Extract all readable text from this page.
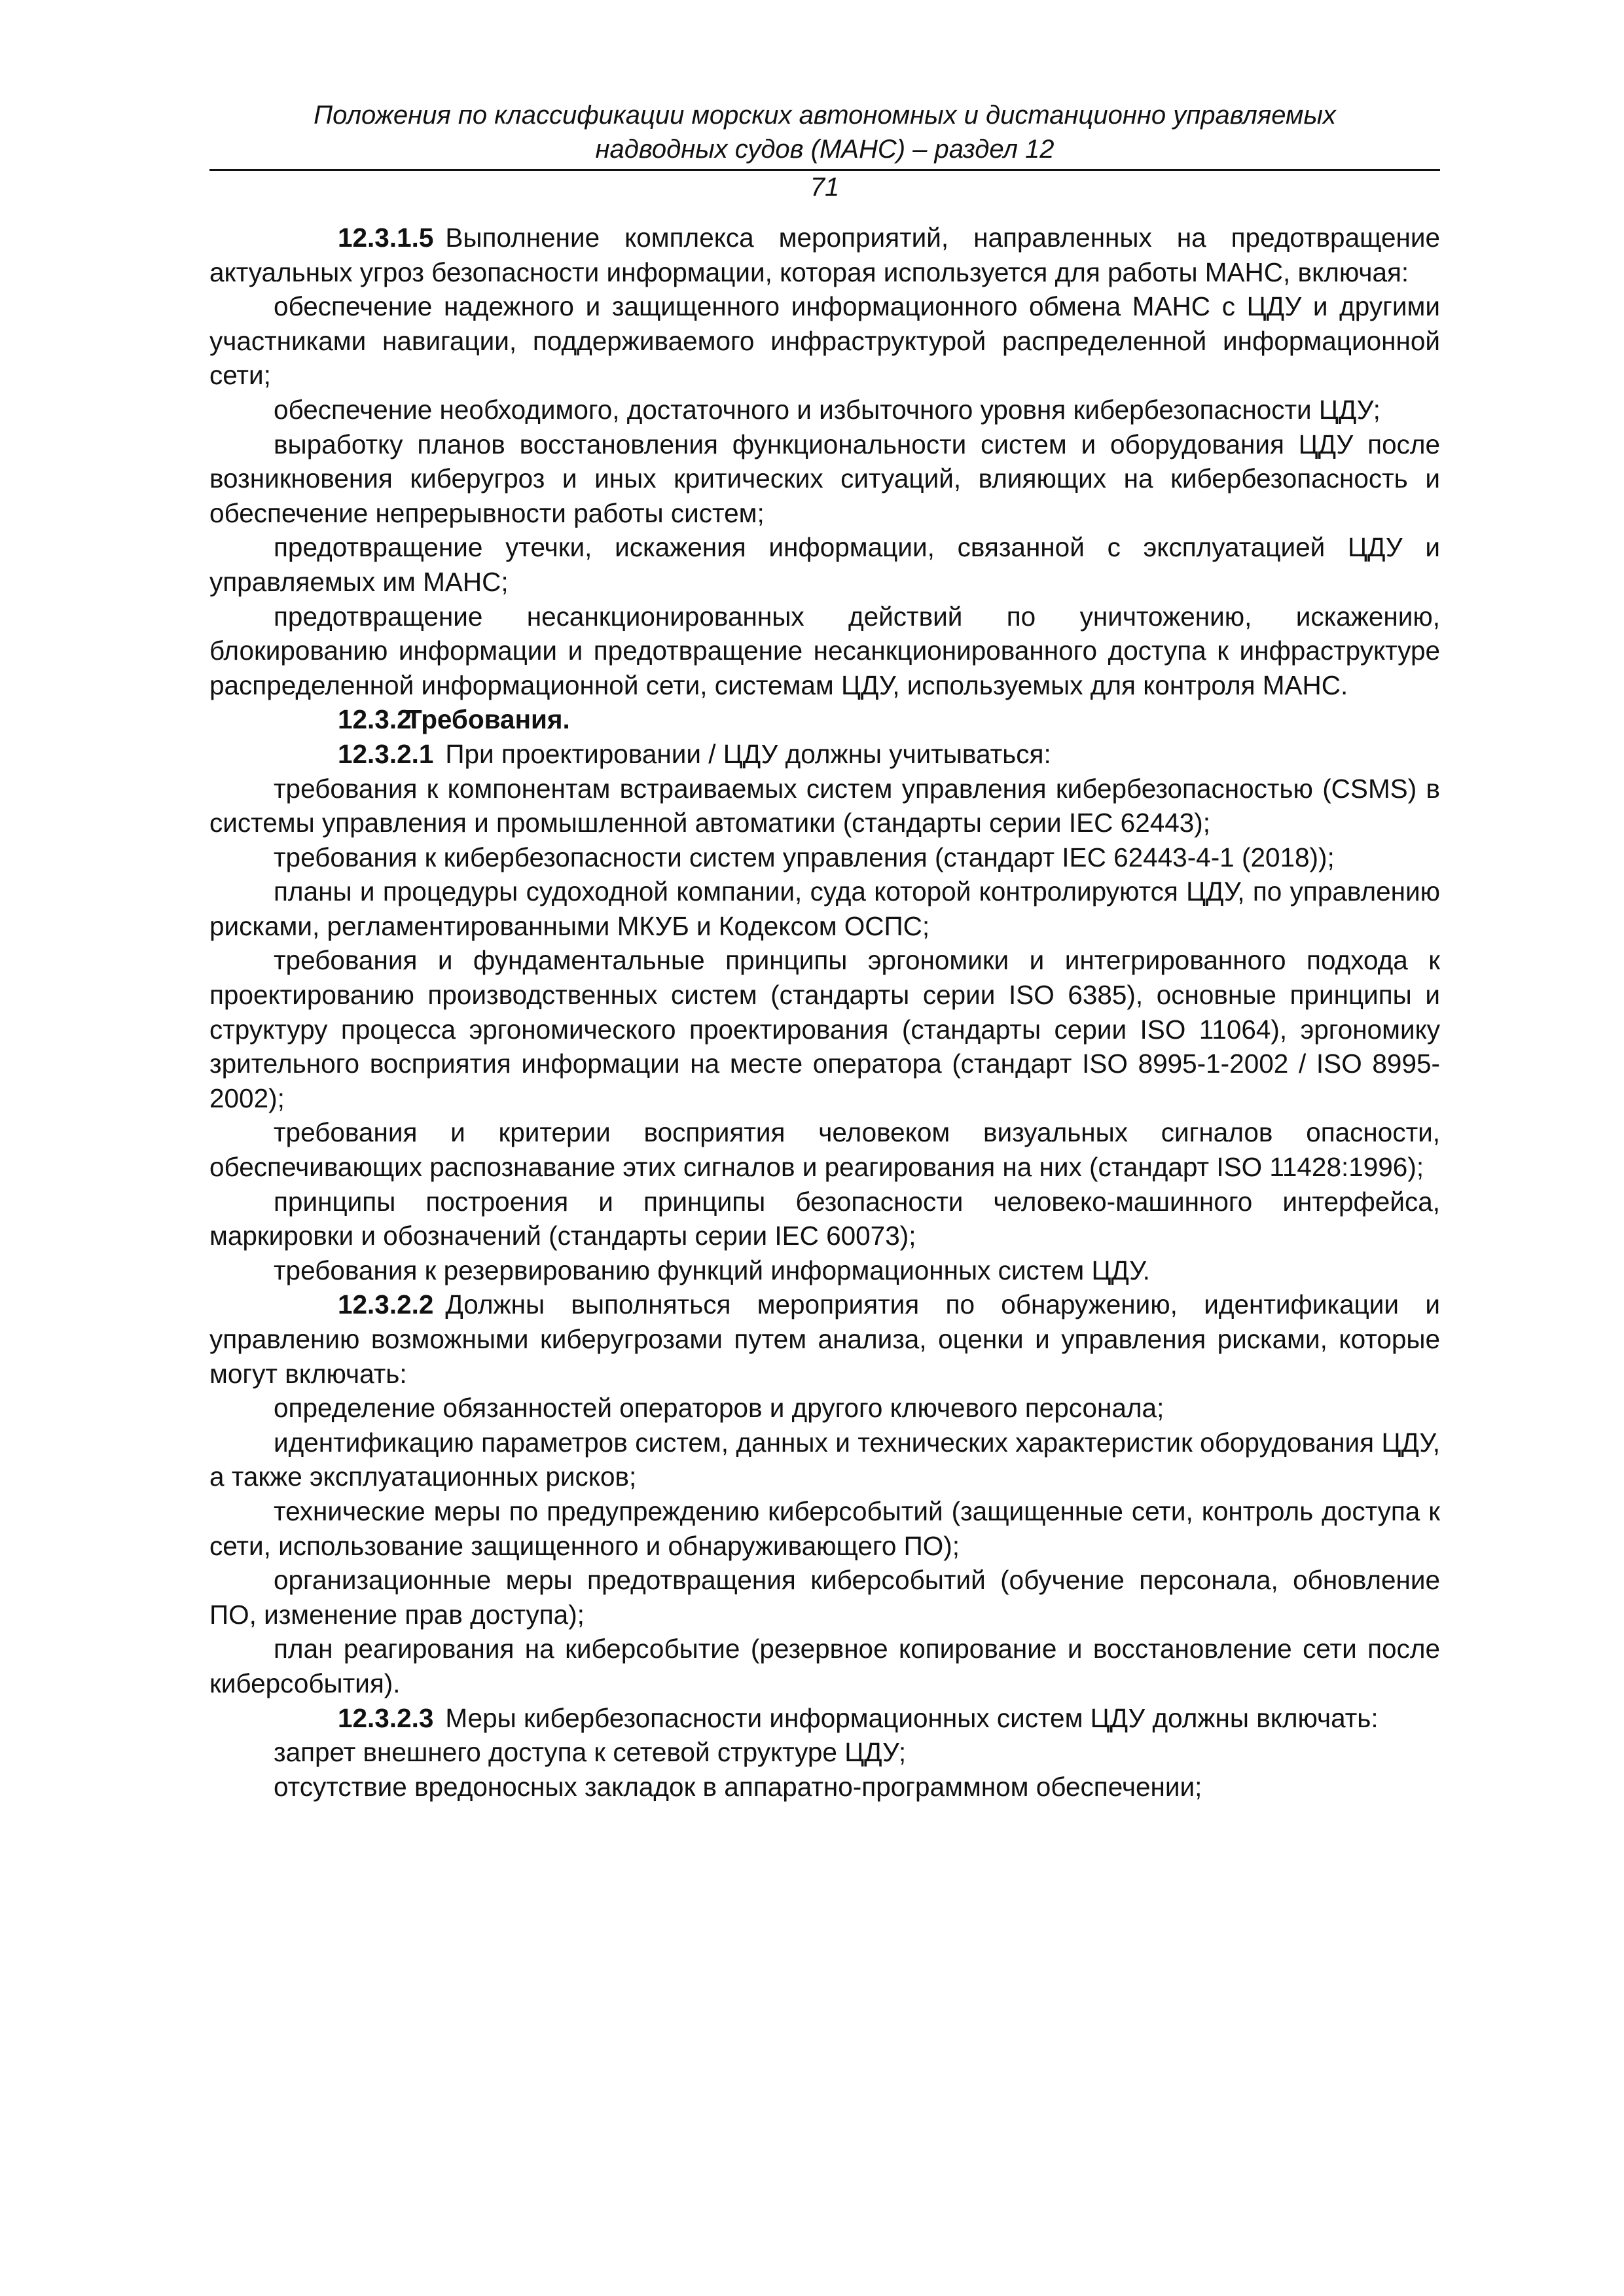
Положения по классификации морских автономных и дистанционно управляемых
надводных судов (МАНС) – раздел 12
71

12.3.1.5 Выполнение комплекса мероприятий, направленных на предотвращение актуальных угроз безопасности информации, которая используется для работы МАНС, включая:

обеспечение надежного и защищенного информационного обмена МАНС с ЦДУ и другими участниками навигации, поддерживаемого инфраструктурой распределенной информационной сети;

обеспечение необходимого, достаточного и избыточного уровня кибербезопасности ЦДУ;

выработку планов восстановления функциональности систем и оборудования ЦДУ после возникновения киберугроз и иных критических ситуаций, влияющих на кибербезопасность и обеспечение непрерывности работы систем;

предотвращение утечки, искажения информации, связанной с эксплуатацией ЦДУ и управляемых им МАНС;

предотвращение несанкционированных действий по уничтожению, искажению, блокированию информации и предотвращение несанкционированного доступа к инфраструктуре распределенной информационной сети, системам ЦДУ, используемых для контроля МАНС.

12.3.2Требования.

12.3.2.1 При проектировании / ЦДУ должны учитываться:

требования к компонентам встраиваемых систем управления кибербезопасностью (CSMS) в системы управления и промышленной автоматики (стандарты серии IEC 62443);

требования к кибербезопасности систем управления (стандарт IEC 62443-4-1 (2018));

планы и процедуры судоходной компании, суда которой контролируются ЦДУ, по управлению рисками, регламентированными МКУБ и Кодексом ОСПС;

требования и фундаментальные принципы эргономики и интегрированного подхода к проектированию производственных систем (стандарты серии ISO 6385), основные принципы и структуру процесса эргономического проектирования (стандарты серии ISO 11064), эргономику зрительного восприятия информации на месте оператора (стандарт ISO 8995-1-2002 / ISO 8995-2002);

требования и критерии восприятия человеком визуальных сигналов опасности, обеспечивающих распознавание этих сигналов и реагирования на них (стандарт ISO 11428:1996);

принципы построения и принципы безопасности человеко-машинного интерфейса, маркировки и обозначений (стандарты серии IEC 60073);

требования к резервированию функций информационных систем ЦДУ.

12.3.2.2 Должны выполняться мероприятия по обнаружению, идентификации и управлению возможными киберугрозами путем анализа, оценки и управления рисками, которые могут включать:

определение обязанностей операторов и другого ключевого персонала;

идентификацию параметров систем, данных и технических характеристик оборудования ЦДУ, а также эксплуатационных рисков;

технические меры по предупреждению киберсобытий (защищенные сети, контроль доступа к сети, использование защищенного и обнаруживающего ПО);

организационные меры предотвращения киберсобытий (обучение персонала, обновление ПО, изменение прав доступа);

план реагирования на киберсобытие (резервное копирование и восстановление сети после киберсобытия).

12.3.2.3 Меры кибербезопасности информационных систем ЦДУ должны включать:

запрет внешнего доступа к сетевой структуре ЦДУ;

отсутствие вредоносных закладок в аппаратно-программном обеспечении;
